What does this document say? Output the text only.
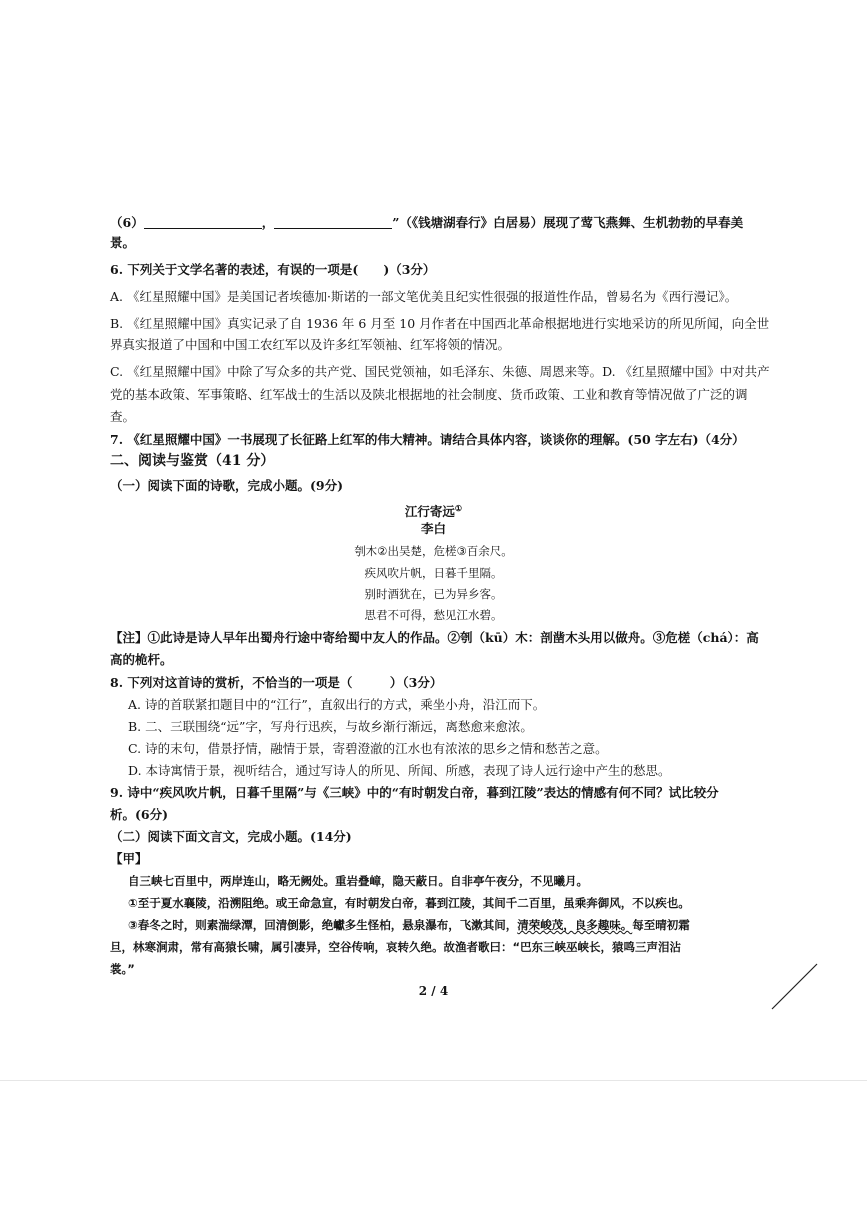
（6）	，	”（《钱塘湖春行》白居易）展现了莺飞燕舞、生机勃勃的早春美
景。
6. 下列关于文学名著的表述，有误的一项是(　　)（3分）
A. 《红星照耀中国》是美国记者埃德加·斯诺的一部文笔优美且纪实性很强的报道性作品，曾易名为《西行漫记》。
B. 《红星照耀中国》真实记录了自 1936 年 6 月至 10 月作者在中国西北革命根据地进行实地采访的所见所闻，向全世
界真实报道了中国和中国工农红军以及许多红军领袖、红军将领的情况。
C. 《红星照耀中国》中除了写众多的共产党、国民党领袖，如毛泽东、朱德、周恩来等。D. 《红星照耀中国》中对共产
党的基本政策、军事策略、红军战士的生活以及陕北根据地的社会制度、货币政策、工业和教育等情况做了广泛的调
查。
7. 《红星照耀中国》一书展现了长征路上红军的伟大精神。请结合具体内容，谈谈你的理解。(50 字左右)（4分）
二、阅读与鉴赏（41 分）
（一）阅读下面的诗歌，完成小题。(9分)
江行寄远①
李白
刳木②出吴楚，危槎③百余尺。
疾风吹片帆，日暮千里隔。
别时酒犹在，已为异乡客。
思君不可得，愁见江水碧。
【注】①此诗是诗人早年出蜀舟行途中寄给蜀中友人的作品。②刳（kū）木：剖凿木头用以做舟。③危槎（chá）：高
高的桅杆。
8. 下列对这首诗的赏析，不恰当的一项是（　　　）（3分）
A. 诗的首联紧扣题目中的“江行”，直叙出行的方式，乘坐小舟，沿江而下。
B. 二、三联围绕“远”字，写舟行迅疾，与故乡渐行渐远，离愁愈来愈浓。
C. 诗的末句，借景抒情，融情于景，寄碧澄澈的江水也有浓浓的思乡之情和愁苦之意。
D. 本诗寓情于景，视听结合，通过写诗人的所见、所闻、所感，表现了诗人远行途中产生的愁思。
9. 诗中“疾风吹片帆，日暮千里隔”与《三峡》中的“有时朝发白帝，暮到江陵”表达的情感有何不同？试比较分
析。(6分)
（二）阅读下面文言文，完成小题。(14分)
【甲】
自三峡七百里中，两岸连山，略无阙处。重岩叠嶂，隐天蔽日。自非亭午夜分，不见曦月。
①至于夏水襄陵，沿溯阻绝。或王命急宣，有时朝发白帝，暮到江陵，其间千二百里，虽乘奔御风，不以疾也。
③春冬之时，则素湍绿潭，回清倒影，绝巘多生怪柏，悬泉瀑布，飞漱其间，清荣峻茂，良多趣味。每至晴初霜
旦，林寒涧肃，常有高猿长啸，属引凄异，空谷传响，哀转久绝。故渔者歌曰：“巴东三峡巫峡长，猿鸣三声泪沾
裳。”
2 / 4
